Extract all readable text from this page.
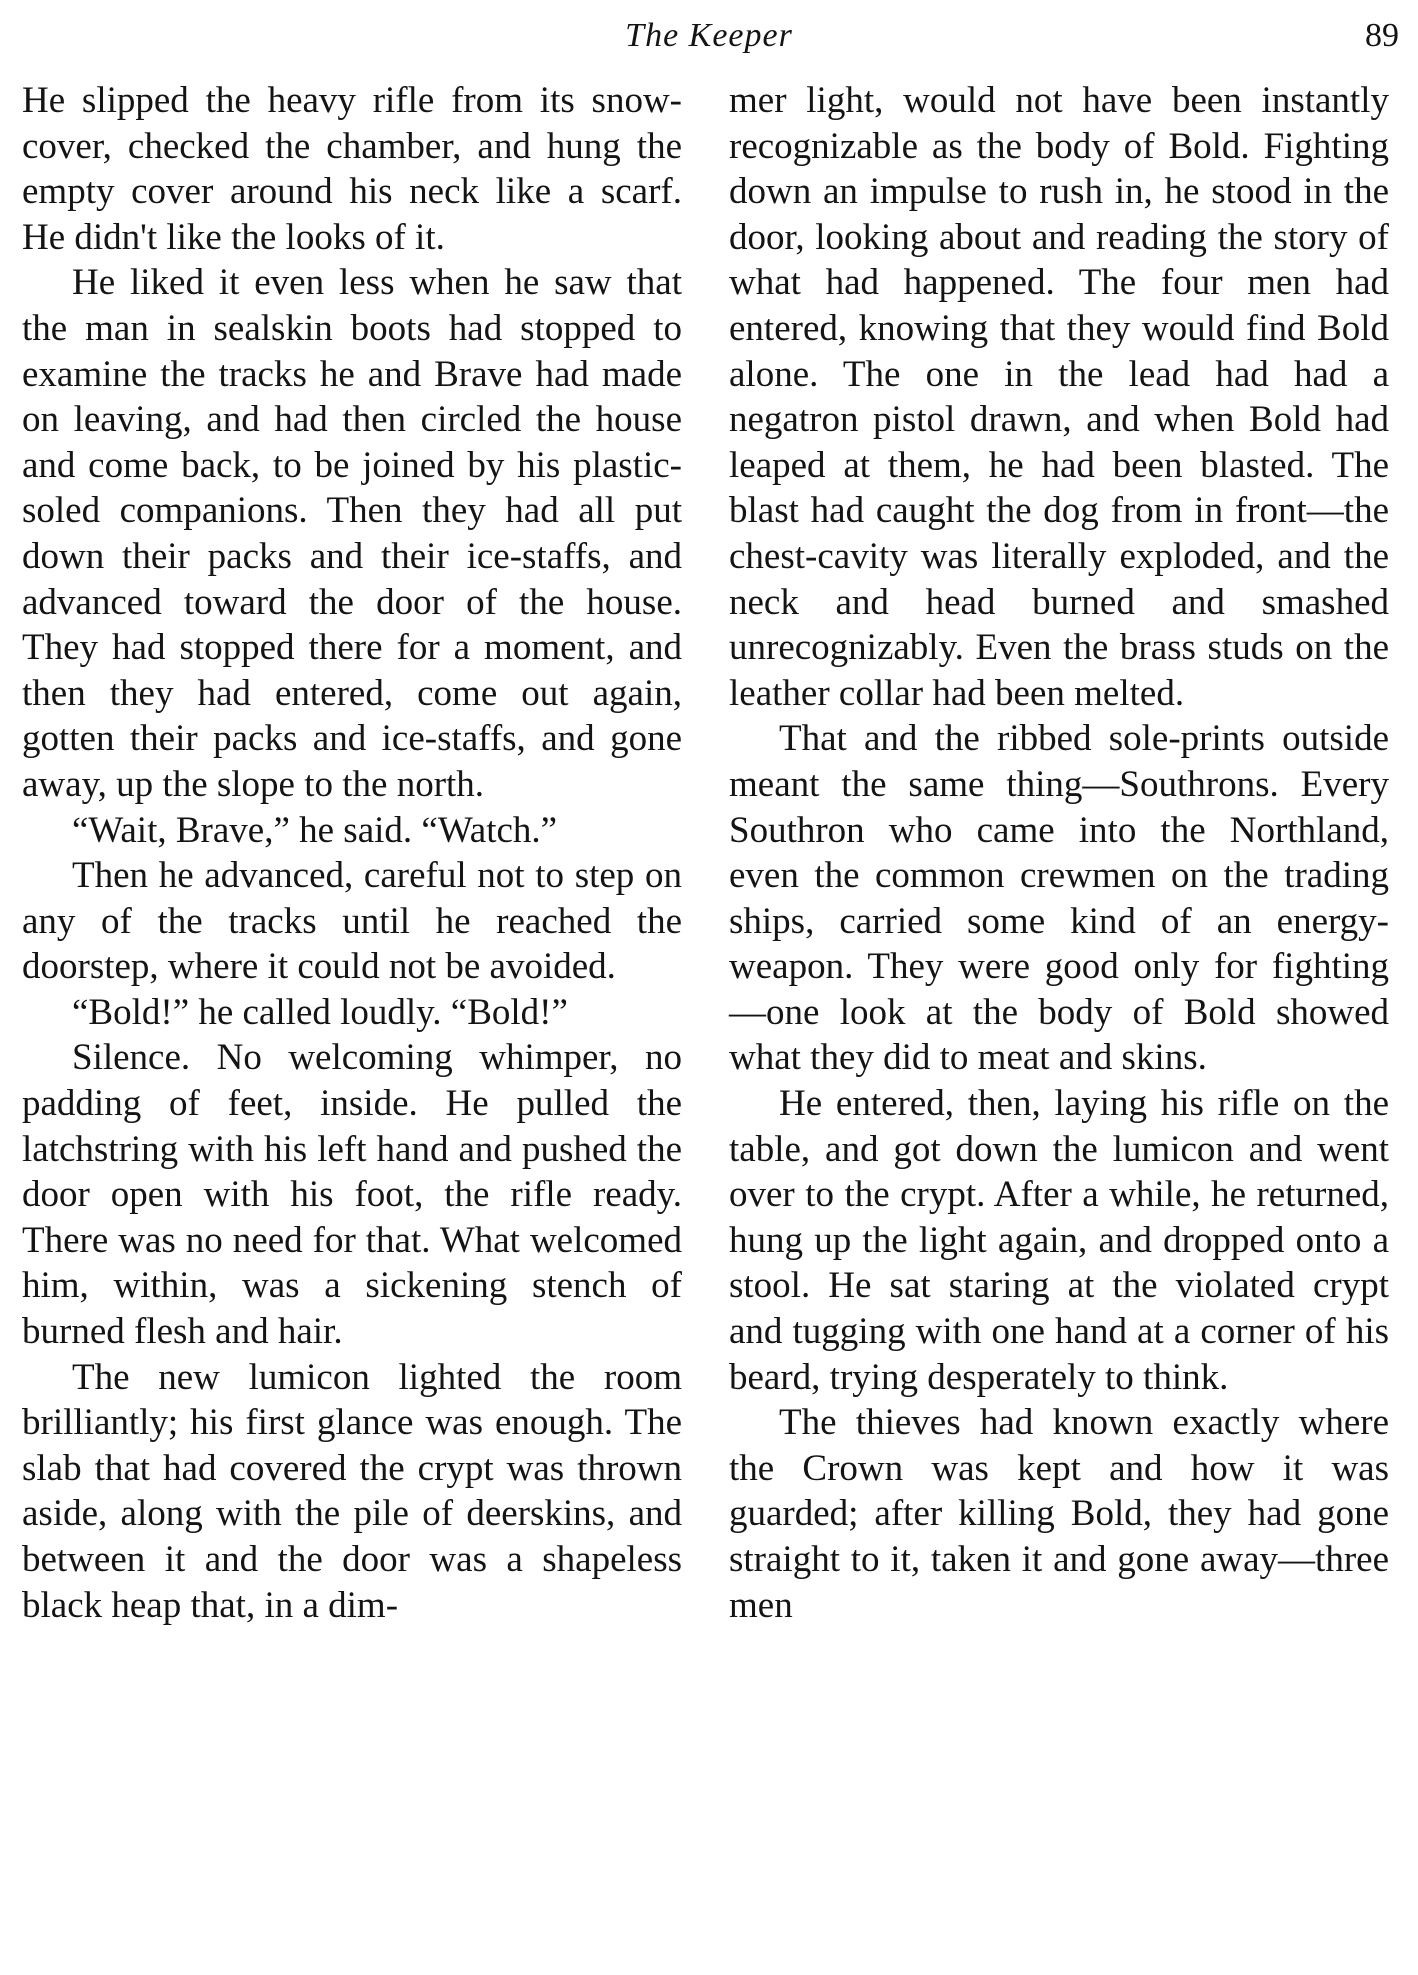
The Keeper	89

He slipped the heavy rifle from its snow-cover, checked the chamber, and hung the empty cover around his neck like a scarf. He didn't like the looks of it.

He liked it even less when he saw that the man in sealskin boots had stopped to examine the tracks he and Brave had made on leaving, and had then circled the house and come back, to be joined by his plastic-soled companions. Then they had all put down their packs and their ice-staffs, and advanced toward the door of the house. They had stopped there for a moment, and then they had entered, come out again, gotten their packs and ice-staffs, and gone away, up the slope to the north.

“Wait, Brave,” he said. “Watch.”

Then he advanced, careful not to step on any of the tracks until he reached the doorstep, where it could not be avoided.

“Bold!” he called loudly. “Bold!”

Silence. No welcoming whimper, no padding of feet, inside. He pulled the latchstring with his left hand and pushed the door open with his foot, the rifle ready. There was no need for that. What welcomed him, within, was a sickening stench of burned flesh and hair.

The new lumicon lighted the room brilliantly; his first glance was enough. The slab that had covered the crypt was thrown aside, along with the pile of deerskins, and between it and the door was a shapeless black heap that, in a dim-

mer light, would not have been instantly recognizable as the body of Bold. Fighting down an impulse to rush in, he stood in the door, looking about and reading the story of what had happened. The four men had entered, knowing that they would find Bold alone. The one in the lead had had a negatron pistol drawn, and when Bold had leaped at them, he had been blasted. The blast had caught the dog from in front—the chest-cavity was literally exploded, and the neck and head burned and smashed unrecognizably. Even the brass studs on the leather collar had been melted.

That and the ribbed sole-prints outside meant the same thing—Southrons. Every Southron who came into the Northland, even the common crewmen on the trading ships, carried some kind of an energy-weapon. They were good only for fighting—one look at the body of Bold showed what they did to meat and skins.

He entered, then, laying his rifle on the table, and got down the lumicon and went over to the crypt. After a while, he returned, hung up the light again, and dropped onto a stool. He sat staring at the violated crypt and tugging with one hand at a corner of his beard, trying desperately to think.

The thieves had known exactly where the Crown was kept and how it was guarded; after killing Bold, they had gone straight to it, taken it and gone away—three men
